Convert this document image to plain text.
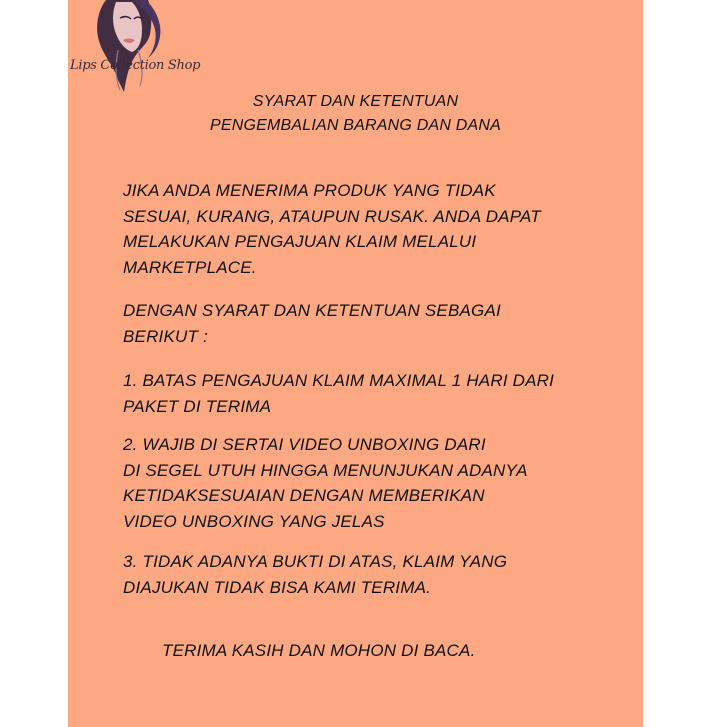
Lips Collection Shop
SYARAT DAN KETENTUAN
PENGEMBALIAN BARANG DAN DANA

JIKA ANDA MENERIMA PRODUK YANG TIDAK
SESUAI, KURANG, ATAUPUN RUSAK. ANDA DAPAT
MELAKUKAN PENGAJUAN KLAIM MELALUI
MARKETPLACE.

DENGAN SYARAT DAN KETENTUAN SEBAGAI
BERIKUT :

1. BATAS PENGAJUAN KLAIM MAXIMAL 1 HARI DARI
PAKET DI TERIMA

2. WAJIB DI SERTAI VIDEO UNBOXING DARI
DI SEGEL UTUH HINGGA MENUNJUKAN ADANYA
KETIDAKSESUAIAN DENGAN MEMBERIKAN
VIDEO UNBOXING YANG JELAS

3. TIDAK ADANYA BUKTI DI ATAS, KLAIM YANG
DIAJUKAN TIDAK BISA KAMI TERIMA.

TERIMA KASIH DAN MOHON DI BACA.
